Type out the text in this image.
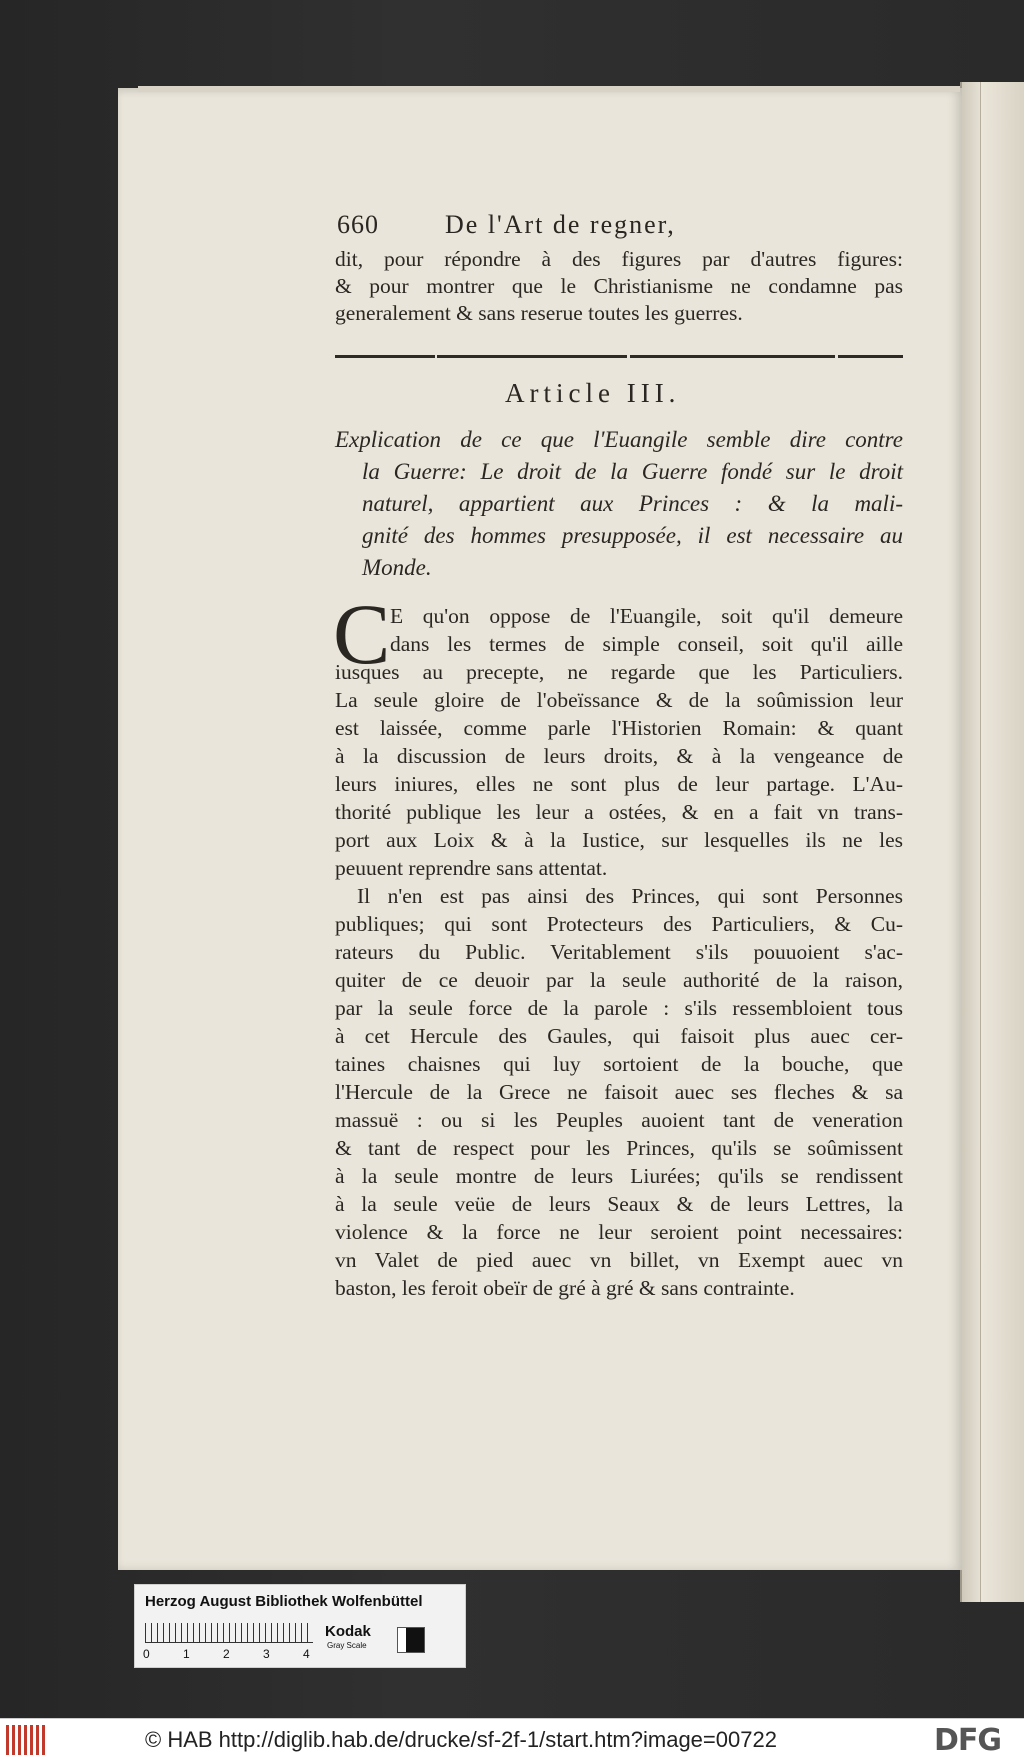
660	De l'Art de regner,
dit, pour répondre à des figures par d'autres figures:
& pour montrer que le Christianisme ne condamne pas
generalement & sans reserue toutes les guerres.
Article III.
Explication de ce que l'Euangile semble dire contre
la Guerre: Le droit de la Guerre fondé sur le droit
naturel, appartient aux Princes : & la mali-
gnité des hommes presupposée, il est necessaire au
Monde.
C E qu'on oppose de l'Euangile, soit qu'il demeure
dans les termes de simple conseil, soit qu'il aille
iusques au precepte, ne regarde que les Particuliers.
La seule gloire de l'obeïssance & de la soûmission leur
est laissée, comme parle l'Historien Romain: & quant
à la discussion de leurs droits, & à la vengeance de
leurs iniures, elles ne sont plus de leur partage. L'Au-
thorité publique les leur a ostées, & en a fait vn trans-
port aux Loix & à la Iustice, sur lesquelles ils ne les
peuuent reprendre sans attentat.
Il n'en est pas ainsi des Princes, qui sont Personnes
publiques; qui sont Protecteurs des Particuliers, & Cu-
rateurs du Public. Veritablement s'ils pouuoient s'ac-
quiter de ce deuoir par la seule authorité de la raison,
par la seule force de la parole : s'ils ressembloient tous
à cet Hercule des Gaules, qui faisoit plus auec cer-
taines chaisnes qui luy sortoient de la bouche, que
l'Hercule de la Grece ne faisoit auec ses fleches & sa
massuë : ou si les Peuples auoient tant de veneration
& tant de respect pour les Princes, qu'ils se soûmissent
à la seule montre de leurs Liurées; qu'ils se rendissent
à la seule veüe de leurs Seaux & de leurs Lettres, la
violence & la force ne leur seroient point necessaires:
vn Valet de pied auec vn billet, vn Exempt auec vn
baston, les feroit obeïr de gré à gré & sans contrainte.
Herzog August Bibliothek Wolfenbüttel
0	1	2	3	4
Kodak
Gray Scale
© HAB http://diglib.hab.de/drucke/sf-2f-1/start.htm?image=00722	DFG
